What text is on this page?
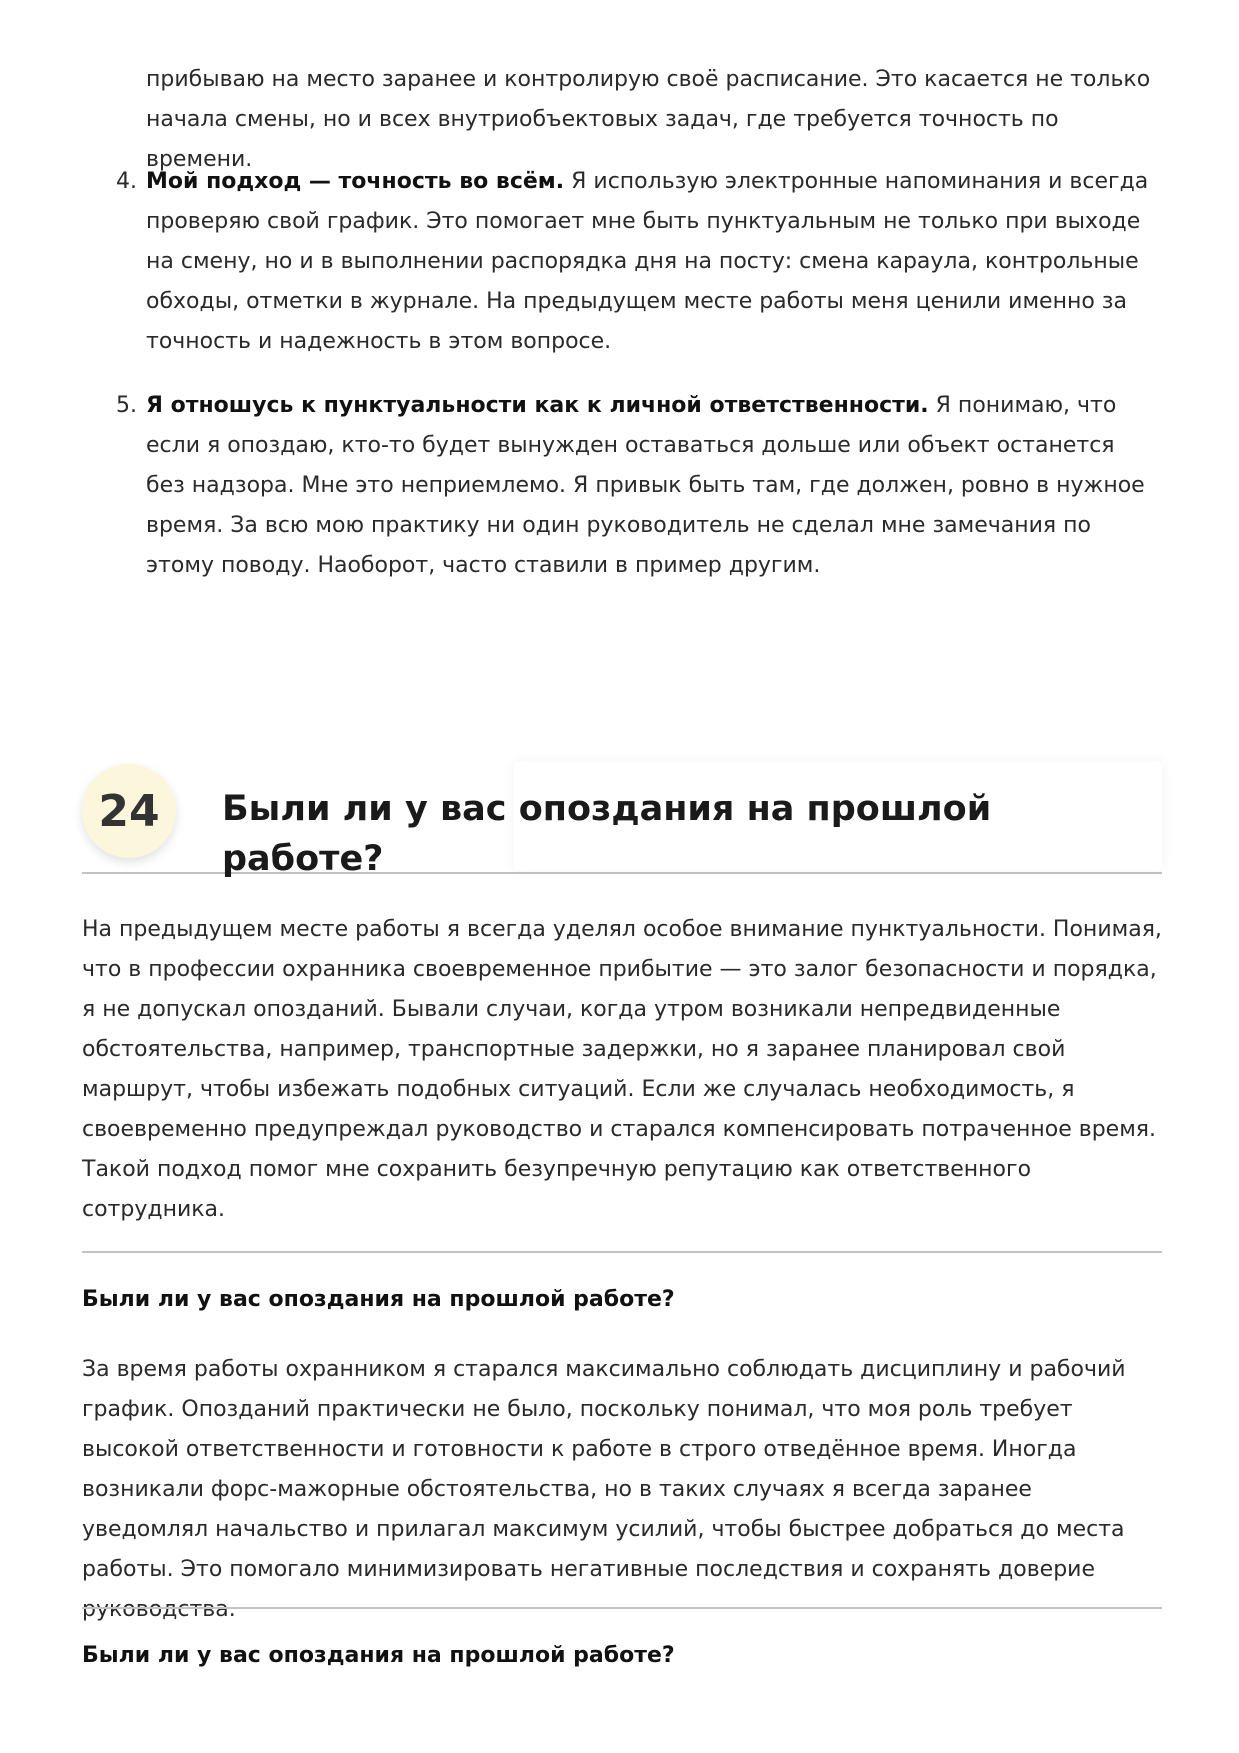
прибываю на место заранее и контролирую своё расписание. Это касается не только начала смены, но и всех внутриобъектовых задач, где требуется точность по времени.

4. Мой подход — точность во всём. Я использую электронные напоминания и всегда проверяю свой график. Это помогает мне быть пунктуальным не только при выходе на смену, но и в выполнении распорядка дня на посту: смена караула, контрольные обходы, отметки в журнале. На предыдущем месте работы меня ценили именно за точность и надежность в этом вопросе.
5. Я отношусь к пунктуальности как к личной ответственности. Я понимаю, что если я опоздаю, кто-то будет вынужден оставаться дольше или объект останется без надзора. Мне это неприемлемо. Я привык быть там, где должен, ровно в нужное время. За всю мою практику ни один руководитель не сделал мне замечания по этому поводу. Наоборот, часто ставили в пример другим.
24	Были ли у вас опоздания на прошлой работе?

На предыдущем месте работы я всегда уделял особое внимание пунктуальности. Понимая, что в профессии охранника своевременное прибытие — это залог безопасности и порядка, я не допускал опозданий. Бывали случаи, когда утром возникали непредвиденные обстоятельства, например, транспортные задержки, но я заранее планировал свой маршрут, чтобы избежать подобных ситуаций. Если же случалась необходимость, я своевременно предупреждал руководство и старался компенсировать потраченное время. Такой подход помог мне сохранить безупречную репутацию как ответственного сотрудника.

Были ли у вас опоздания на прошлой работе?

За время работы охранником я старался максимально соблюдать дисциплину и рабочий график. Опозданий практически не было, поскольку понимал, что моя роль требует высокой ответственности и готовности к работе в строго отведённое время. Иногда возникали форс-мажорные обстоятельства, но в таких случаях я всегда заранее уведомлял начальство и прилагал максимум усилий, чтобы быстрее добраться до места работы. Это помогало минимизировать негативные последствия и сохранять доверие руководства.

Были ли у вас опоздания на прошлой работе?
